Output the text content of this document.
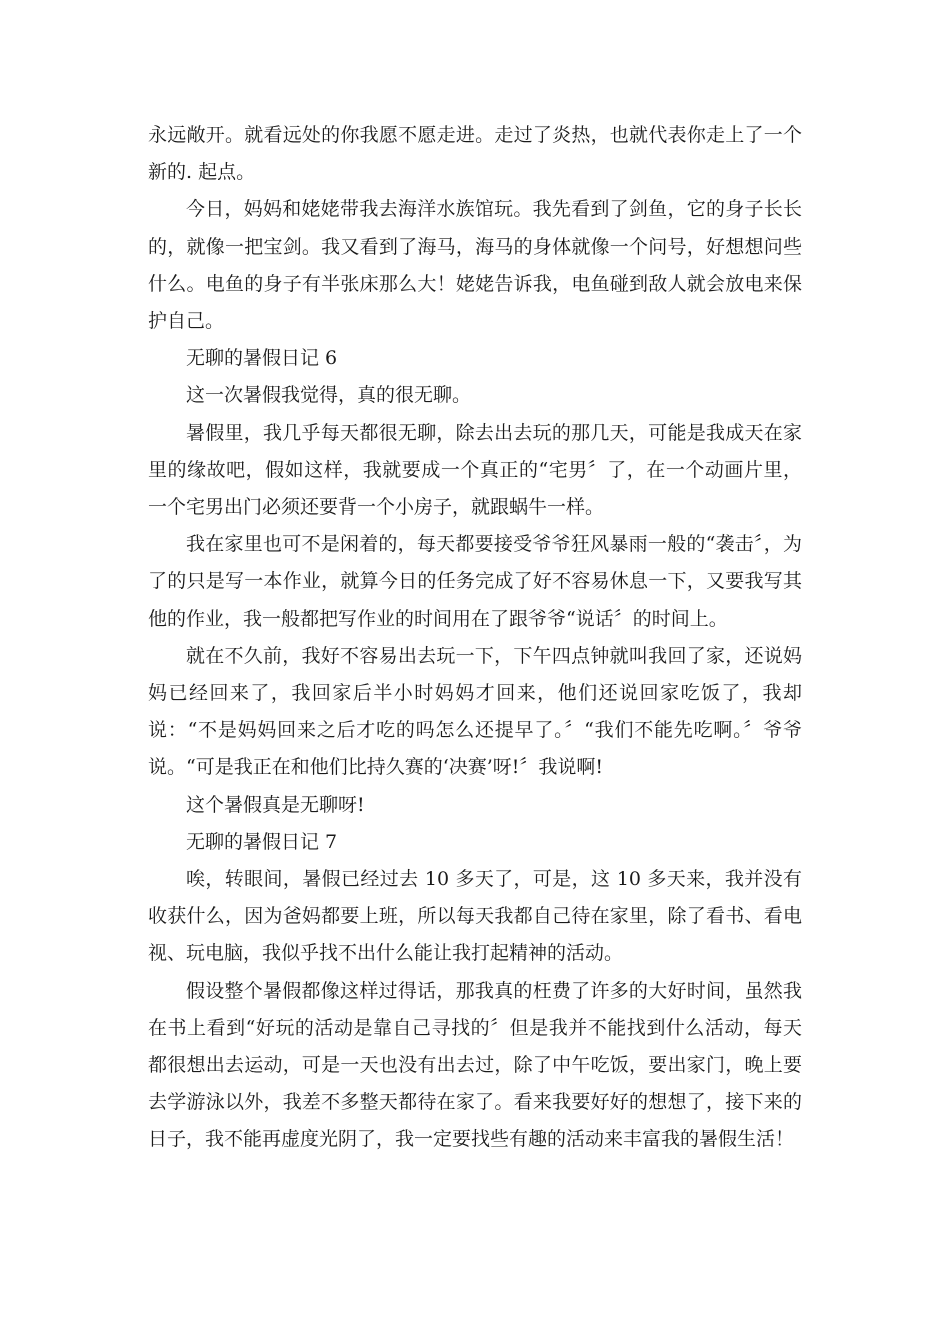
永远敞开。就看远处的你我愿不愿走进。走过了炎热，也就代表你走上了一个新的. 起点。

今日，妈妈和姥姥带我去海洋水族馆玩。我先看到了剑鱼，它的身子长长的，就像一把宝剑。我又看到了海马，海马的身体就像一个问号，好想想问些什么。电鱼的身子有半张床那么大！姥姥告诉我，电鱼碰到敌人就会放电来保护自己。

无聊的暑假日记 6

这一次暑假我觉得，真的很无聊。

暑假里，我几乎每天都很无聊，除去出去玩的那几天，可能是我成天在家里的缘故吧，假如这样，我就要成一个真正的“宅男〞了，在一个动画片里，一个宅男出门必须还要背一个小房子，就跟蜗牛一样。

我在家里也可不是闲着的，每天都要接受爷爷狂风暴雨一般的“袭击〞，为了的只是写一本作业，就算今日的任务完成了好不容易休息一下，又要我写其他的作业，我一般都把写作业的时间用在了跟爷爷“说话〞的时间上。

就在不久前，我好不容易出去玩一下，下午四点钟就叫我回了家，还说妈妈已经回来了，我回家后半小时妈妈才回来，他们还说回家吃饭了，我却说：“不是妈妈回来之后才吃的吗怎么还提早了。〞“我们不能先吃啊。〞爷爷说。“可是我正在和他们比持久赛的‘决赛’呀!〞我说啊!

这个暑假真是无聊呀!

无聊的暑假日记 7

唉，转眼间，暑假已经过去 10 多天了，可是，这 10 多天来，我并没有收获什么，因为爸妈都要上班，所以每天我都自己待在家里，除了看书、看电视、玩电脑，我似乎找不出什么能让我打起精神的活动。

假设整个暑假都像这样过得话，那我真的枉费了许多的大好时间，虽然我在书上看到“好玩的活动是靠自己寻找的〞但是我并不能找到什么活动，每天都很想出去运动，可是一天也没有出去过，除了中午吃饭，要出家门，晚上要去学游泳以外，我差不多整天都待在家了。看来我要好好的想想了，接下来的日子，我不能再虚度光阴了，我一定要找些有趣的活动来丰富我的暑假生活！
